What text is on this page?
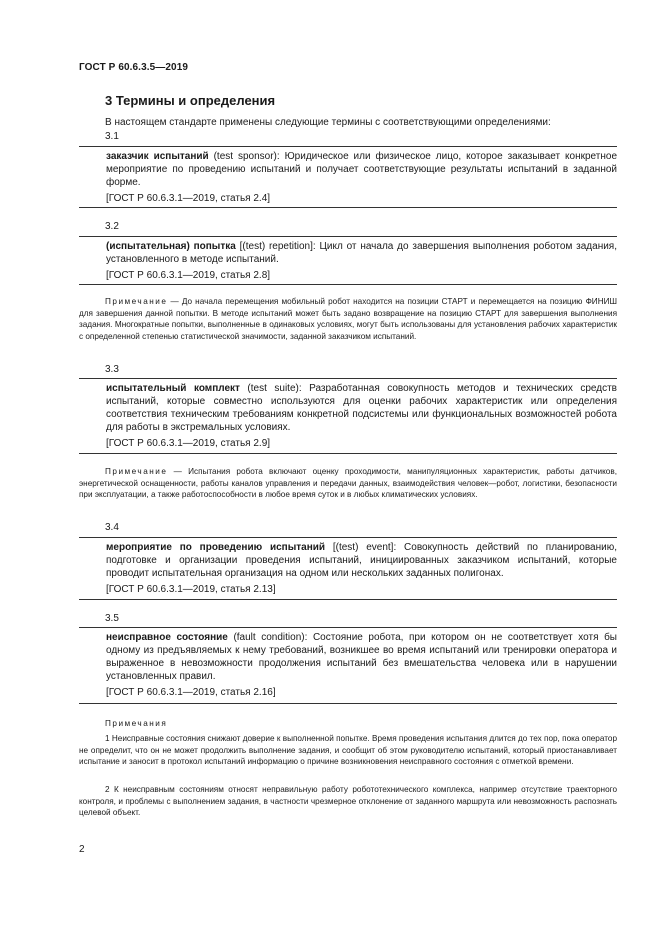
ГОСТ Р 60.6.3.5—2019
3 Термины и определения
В настоящем стандарте применены следующие термины с соответствующими определениями:
3.1

заказчик испытаний (test sponsor): Юридическое или физическое лицо, которое заказывает конкретное мероприятие по проведению испытаний и получает соответствующие результаты испытаний в заданной форме.

[ГОСТ Р 60.6.3.1—2019, статья 2.4]

3.2

(испытательная) попытка [(test) repetition]: Цикл от начала до завершения выполнения роботом задания, установленного в методе испытаний.

[ГОСТ Р 60.6.3.1—2019, статья 2.8]

Примечание — До начала перемещения мобильный робот находится на позиции СТАРТ и перемещается на позицию ФИНИШ для завершения данной попытки. В методе испытаний может быть задано возвращение на позицию СТАРТ для завершения выполнения задания. Многократные попытки, выполненные в одинаковых условиях, могут быть использованы для установления рабочих характеристик с определенной степенью статистической значимости, заданной заказчиком испытаний.

3.3

испытательный комплект (test suite): Разработанная совокупность методов и технических средств испытаний, которые совместно используются для оценки рабочих характеристик или определения соответствия техническим требованиям конкретной подсистемы или функциональных возможностей робота для работы в экстремальных условиях.

[ГОСТ Р 60.6.3.1—2019, статья 2.9]

Примечание — Испытания робота включают оценку проходимости, манипуляционных характеристик, работы датчиков, энергетической оснащенности, работы каналов управления и передачи данных, взаимодействия человек—робот, логистики, безопасности при эксплуатации, а также работоспособности в любое время суток и в любых климатических условиях.

3.4

мероприятие по проведению испытаний [(test) event]: Совокупность действий по планированию, подготовке и организации проведения испытаний, инициированных заказчиком испытаний, которые проводит испытательная организация на одном или нескольких заданных полигонах.

[ГОСТ Р 60.6.3.1—2019, статья 2.13]

3.5

неисправное состояние (fault condition): Состояние робота, при котором он не соответствует хотя бы одному из предъявляемых к нему требований, возникшее во время испытаний или тренировки оператора и выраженное в невозможности продолжения испытаний без вмешательства человека или в нарушении установленных правил.

[ГОСТ Р 60.6.3.1—2019, статья 2.16]

Примечания

1 Неисправные состояния снижают доверие к выполненной попытке. Время проведения испытания длится до тех пор, пока оператор не определит, что он не может продолжить выполнение задания, и сообщит об этом руководителю испытаний, который приостанавливает испытание и заносит в протокол испытаний информацию о причине возникновения неисправного состояния с отметкой времени.

2 К неисправным состояниям относят неправильную работу робототехнического комплекса, например отсутствие траекторного контроля, и проблемы с выполнением задания, в частности чрезмерное отклонение от заданного маршрута или невозможность распознать целевой объект.

2
